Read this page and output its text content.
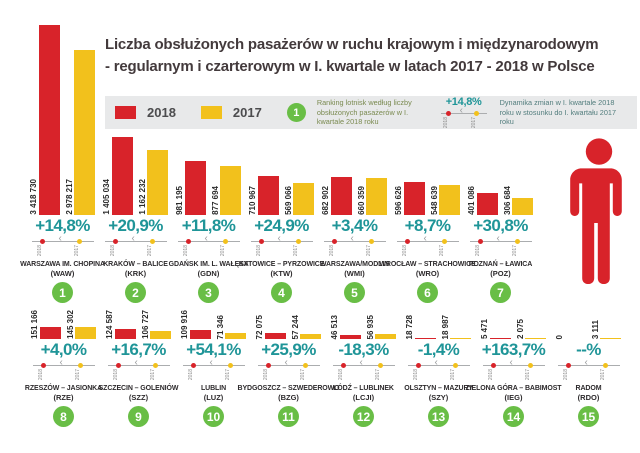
Liczba obsłużonych pasażerów w ruchu krajowym i międzynarodowym
- regularnym i czarterowym w I. kwartale w latach 2017 - 2018 w Polsce
2018	2017	1
Ranking lotnisk według liczby obsłużonych pasażerów w I. kwartale 2018 roku
+14,8%
‹
2018	2017
Dynamika zmian w I. kwartale 2018 roku w stosunku do I. kwartału 2017 roku
3 418 730	2 978 217
+14,8%
‹
2018	2017
WARSZAWA IM. CHOPINA
(WAW)
1
1 405 034	1 162 232
+20,9%
‹
2018	2017
KRAKÓW – BALICE
(KRK)
2
981 195	877 694
+11,8%
‹
2018	2017
GDAŃSK IM. L. WAŁĘSY
(GDN)
3
710 967	569 066
+24,9%
‹
2018	2017
KATOWICE – PYRZOWICE
(KTW)
4
682 902	660 359
+3,4%
‹
2018	2017
WARSZAWA/MODLIN
(WMI)
5
596 626	548 639
+8,7%
‹
2018	2017
WROCŁAW – STRACHOWICE
(WRO)
6
401 086	306 684
+30,8%
‹
2018	2017
POZNAŃ – ŁAWICA
(POZ)
7
151 166	145 302
+4,0%
‹
2018	2017
RZESZÓW – JASIONKA
(RZE)
8
124 587	106 727
+16,7%
‹
2018	2017
SZCZECIN – GOLENIÓW
(SZZ)
9
109 916	71 346
+54,1%
‹
2018	2017
LUBLIN
(LUZ)
10
72 075	57 244
+25,9%
‹
2018	2017
BYDGOSZCZ – SZWEDEROWO
(BZG)
11
46 513	56 935
-18,3%
‹
2018	2017
ŁÓDŹ – LUBLINEK
(LCJI)
12
18 728	18 987
-1,4%
‹
2018	2017
OLSZTYN – MAZURY
(SZY)
13
5 471	2 075
+163,7%
‹
2018	2017
ZIELONA GÓRA – BABIMOST
(IEG)
14
0	3 111
--%
‹
2018	2017
RADOM
(RDO)
15
